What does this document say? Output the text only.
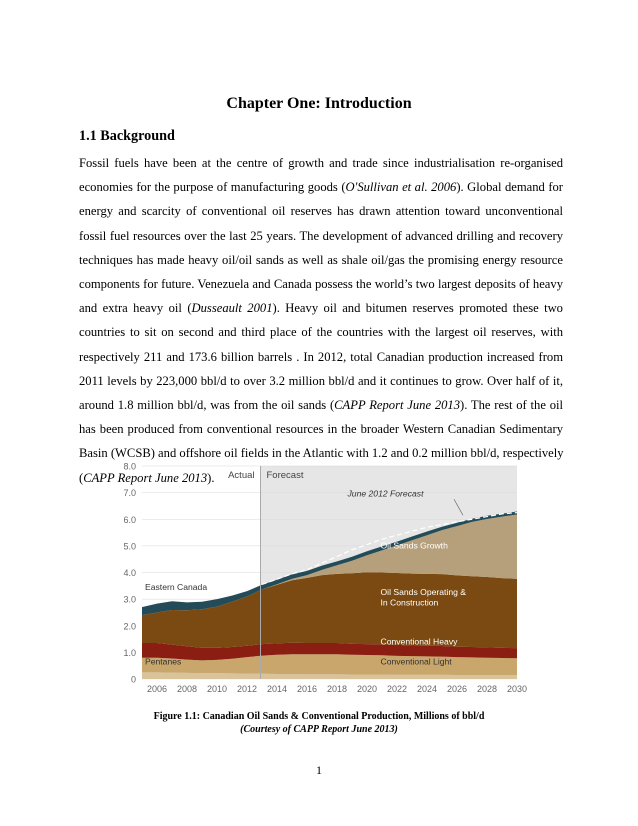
Chapter One: Introduction
1.1 Background

Fossil fuels have been at the centre of growth and trade since industrialisation re-organised
economies for the purpose of manufacturing goods (O'Sullivan et al. 2006). Global demand for
energy and scarcity of conventional oil reserves has drawn attention toward unconventional
fossil fuel resources over the last 25 years. The development of advanced drilling and recovery
techniques has made heavy oil/oil sands as well as shale oil/gas the promising energy resource
components for future. Venezuela and Canada possess the world’s two largest deposits of heavy
and extra heavy oil (Dusseault 2001). Heavy oil and bitumen reserves promoted these two
countries to sit on second and third place of the countries with the largest oil reserves, with
respectively 211 and 173.6 billion barrels . In 2012, total Canadian production increased from
2011 levels by 223,000 bbl/d to over 3.2 million bbl/d and it continues to grow. Over half of it,
around 1.8 million bbl/d, was from the oil sands (CAPP Report June 2013). The rest of the oil
has been produced from conventional resources in the broader Western Canadian Sedimentary
Basin (WCSB) and offshore oil fields in the Atlantic with 1.2 and 0.2 million bbl/d, respectively
(CAPP Report June 2013).

0
1.0
2.0
3.0
4.0
5.0
6.0
7.0
8.0
Actual Forecast
2006 2008 2010 2012 2014 2016 2018 2020 2022 2024 2026 2028 2030
Pentanes	Conventional Light
Conventional Heavy
Oil Sands Operating & In Construction
Oil Sands Growth
Eastern Canada
June 2012 Forecast
Figure 1.1: Canadian Oil Sands & Conventional Production, Millions of bbl/d
(Courtesy of CAPP Report June 2013)
1
